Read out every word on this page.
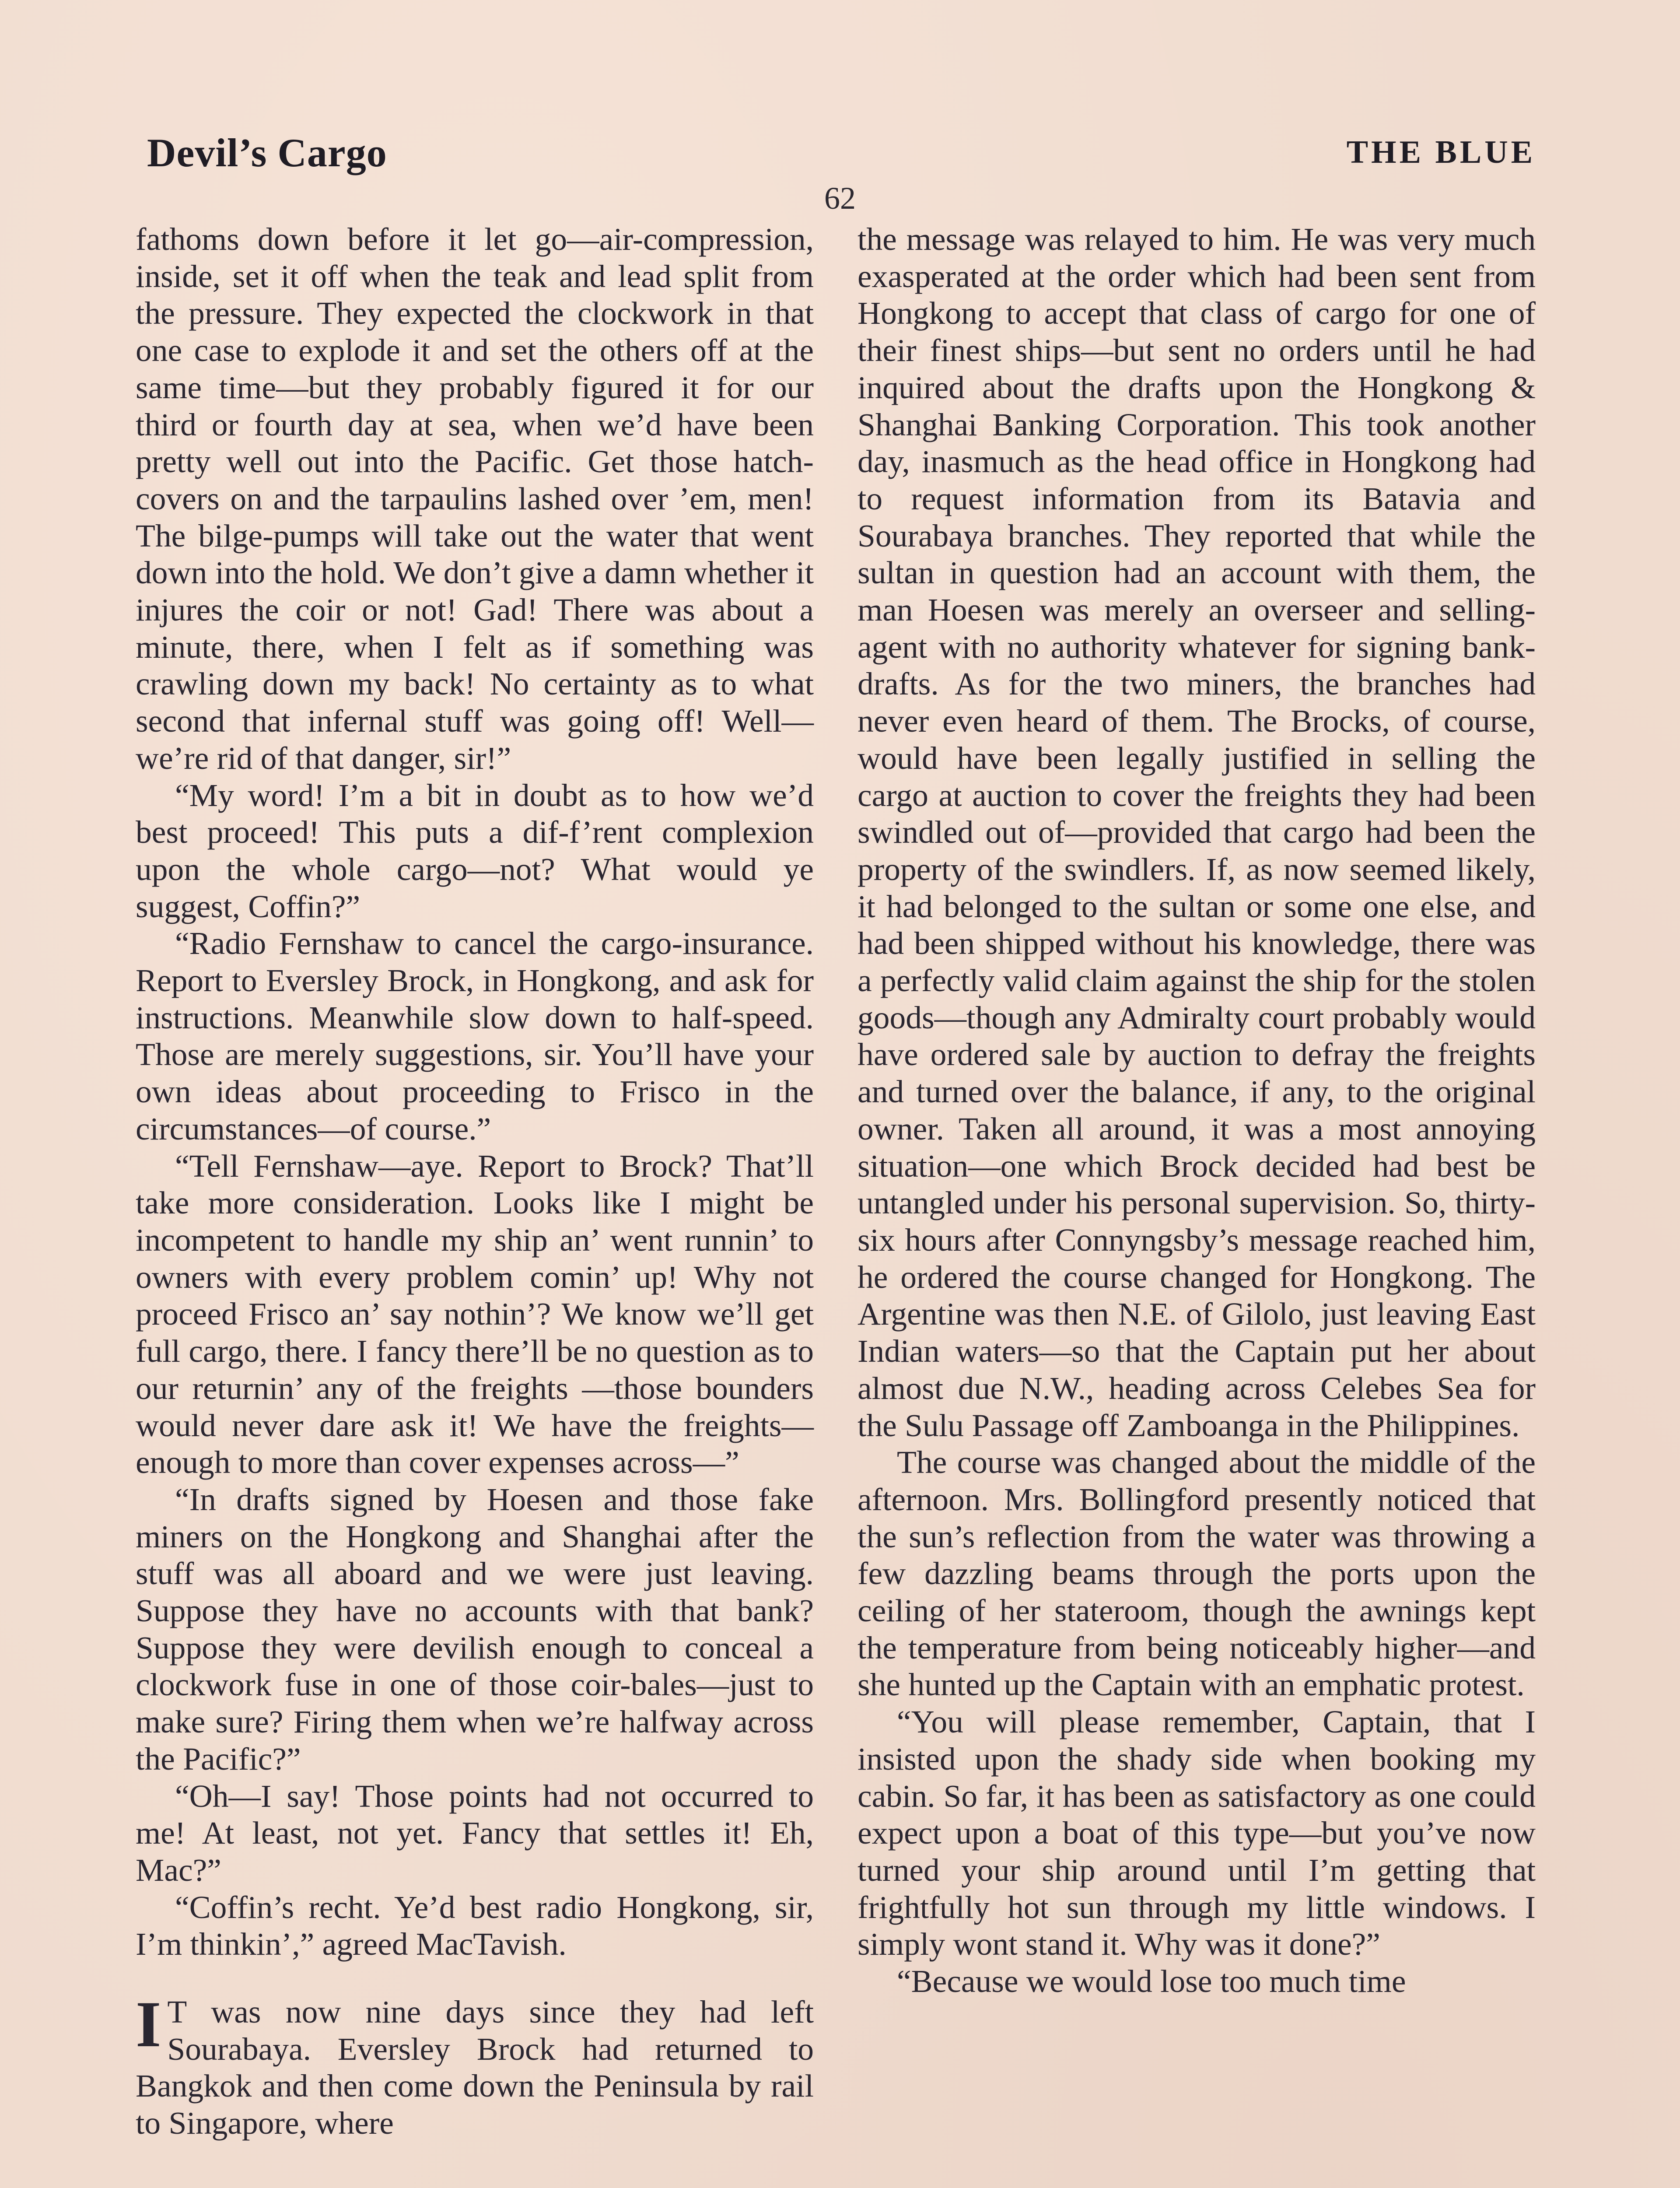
Devil’s Cargo	THE BLUE
62

fathoms down before it let go—air-compression, inside, set it off when the teak and lead split from the pressure. They expected the clockwork in that one case to explode it and set the others off at the same time—but they probably figured it for our third or fourth day at sea, when we’d have been pretty well out into the Pacific. Get those hatch-covers on and the tarpaulins lashed over ’em, men! The bilge-pumps will take out the water that went down into the hold. We don’t give a damn whether it injures the coir or not! Gad! There was about a minute, there, when I felt as if something was crawling down my back! No certainty as to what second that infernal stuff was going off! Well—we’re rid of that danger, sir!”

“My word! I’m a bit in doubt as to how we’d best proceed! This puts a dif-f’rent complexion upon the whole cargo—not? What would ye suggest, Coffin?”

“Radio Fernshaw to cancel the cargo-insurance. Report to Eversley Brock, in Hongkong, and ask for instructions. Meanwhile slow down to half-speed. Those are merely suggestions, sir. You’ll have your own ideas about proceeding to Frisco in the circumstances—of course.”

“Tell Fernshaw—aye. Report to Brock? That’ll take more consideration. Looks like I might be incompetent to handle my ship an’ went runnin’ to owners with every problem comin’ up! Why not proceed Frisco an’ say nothin’? We know we’ll get full cargo, there. I fancy there’ll be no question as to our returnin’ any of the freights —those bounders would never dare ask it! We have the freights—enough to more than cover expenses across—”

“In drafts signed by Hoesen and those fake miners on the Hongkong and Shanghai after the stuff was all aboard and we were just leaving. Suppose they have no accounts with that bank? Suppose they were devilish enough to conceal a clockwork fuse in one of those coir-bales—just to make sure? Firing them when we’re halfway across the Pacific?”

“Oh—I say! Those points had not occurred to me! At least, not yet. Fancy that settles it! Eh, Mac?”

“Coffin’s recht. Ye’d best radio Hongkong, sir, I’m thinkin’,” agreed MacTavish.

I T was now nine days since they had left Sourabaya. Eversley Brock had returned to Bangkok and then come down the Peninsula by rail to Singapore, where

the message was relayed to him. He was very much exasperated at the order which had been sent from Hongkong to accept that class of cargo for one of their finest ships—but sent no orders until he had inquired about the drafts upon the Hongkong & Shanghai Banking Corporation. This took another day, inasmuch as the head office in Hongkong had to request information from its Batavia and Sourabaya branches. They reported that while the sultan in question had an account with them, the man Hoesen was merely an overseer and selling-agent with no authority whatever for signing bank-drafts. As for the two miners, the branches had never even heard of them. The Brocks, of course, would have been legally justified in selling the cargo at auction to cover the freights they had been swindled out of—provided that cargo had been the property of the swindlers. If, as now seemed likely, it had belonged to the sultan or some one else, and had been shipped without his knowledge, there was a perfectly valid claim against the ship for the stolen goods—though any Admiralty court probably would have ordered sale by auction to defray the freights and turned over the balance, if any, to the original owner. Taken all around, it was a most annoying situation—one which Brock decided had best be untangled under his personal supervision. So, thirty-six hours after Connyngsby’s message reached him, he ordered the course changed for Hongkong. The Argentine was then N.E. of Gilolo, just leaving East Indian waters—so that the Captain put her about almost due N.W., heading across Celebes Sea for the Sulu Passage off Zamboanga in the Philippines.

The course was changed about the middle of the afternoon. Mrs. Bollingford presently noticed that the sun’s reflection from the water was throwing a few dazzling beams through the ports upon the ceiling of her stateroom, though the awnings kept the temperature from being noticeably higher—and she hunted up the Captain with an emphatic protest.

“You will please remember, Captain, that I insisted upon the shady side when booking my cabin. So far, it has been as satisfactory as one could expect upon a boat of this type—but you’ve now turned your ship around until I’m getting that frightfully hot sun through my little windows. I simply wont stand it. Why was it done?”

“Because we would lose too much time
